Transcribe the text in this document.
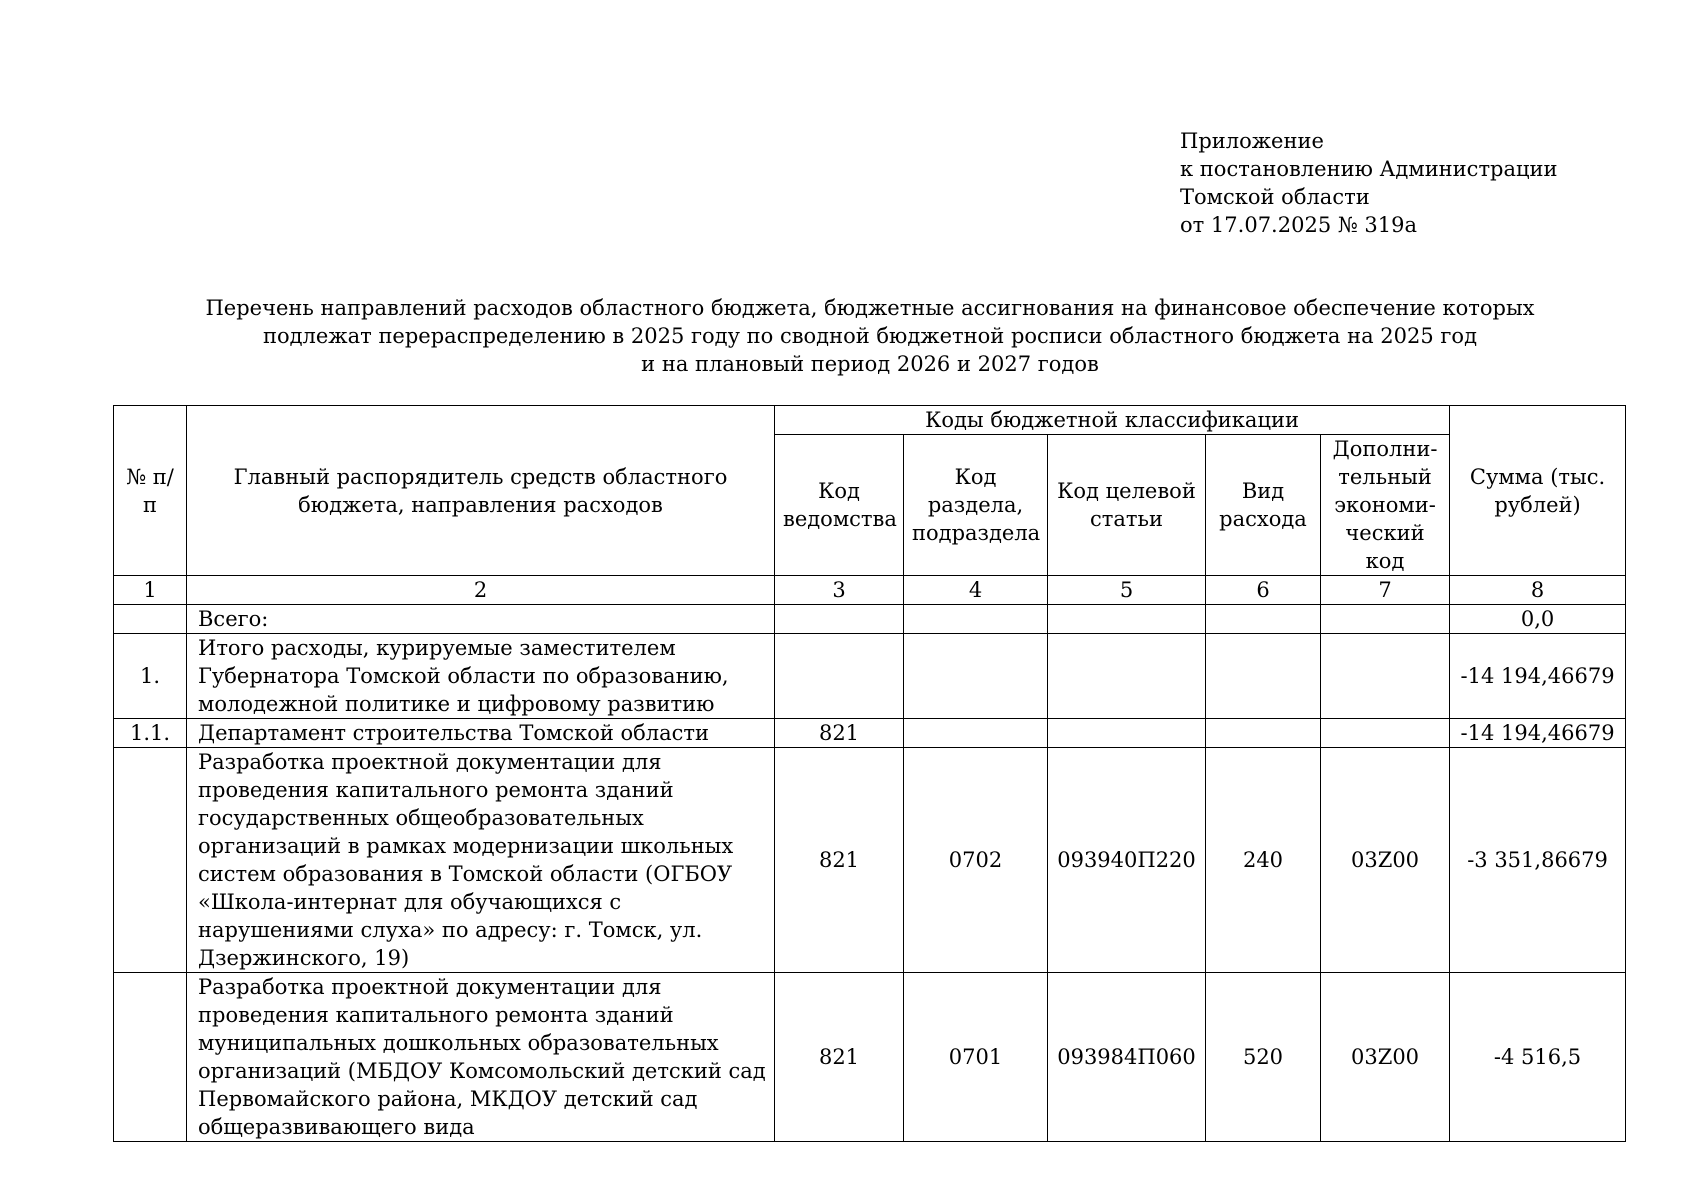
Приложение
к постановлению Администрации
Томской области
от 17.07.2025 № 319а
Перечень направлений расходов областного бюджета, бюджетные ассигнования на финансовое обеспечение которых
подлежат перераспределению в 2025 году по сводной бюджетной росписи областного бюджета на 2025 год
и на плановый период 2026 и 2027 годов
№ п/п	Главный распорядитель средств областного бюджета, направления расходов	Коды бюджетной классификации					Сумма (тыс. рублей)
		Код ведомства	Код раздела, подраздела	Код целевой статьи	Вид расхода	Дополни-тельный экономи-ческий код	
1	2	3	4	5	6	7	8
	Всего:						0,0
1.	Итого расходы, курируемые заместителем Губернатора Томской области по образованию, молодежной политике и цифровому развитию						-14 194,46679
1.1.	Департамент строительства Томской области	821					-14 194,46679
	Разработка проектной документации для проведения капитального ремонта зданий государственных общеобразовательных организаций в рамках модернизации школьных систем образования в Томской области (ОГБОУ «Школа-интернат для обучающихся с нарушениями слуха» по адресу: г. Томск, ул. Дзержинского, 19)	821	0702	093940П220	240	03Z00	-3 351,86679
	Разработка проектной документации для проведения капитального ремонта зданий муниципальных дошкольных образовательных организаций (МБДОУ Комсомольский детский сад Первомайского района, МКДОУ детский сад общеразвивающего вида	821	0701	093984П060	520	03Z00	-4 516,5
